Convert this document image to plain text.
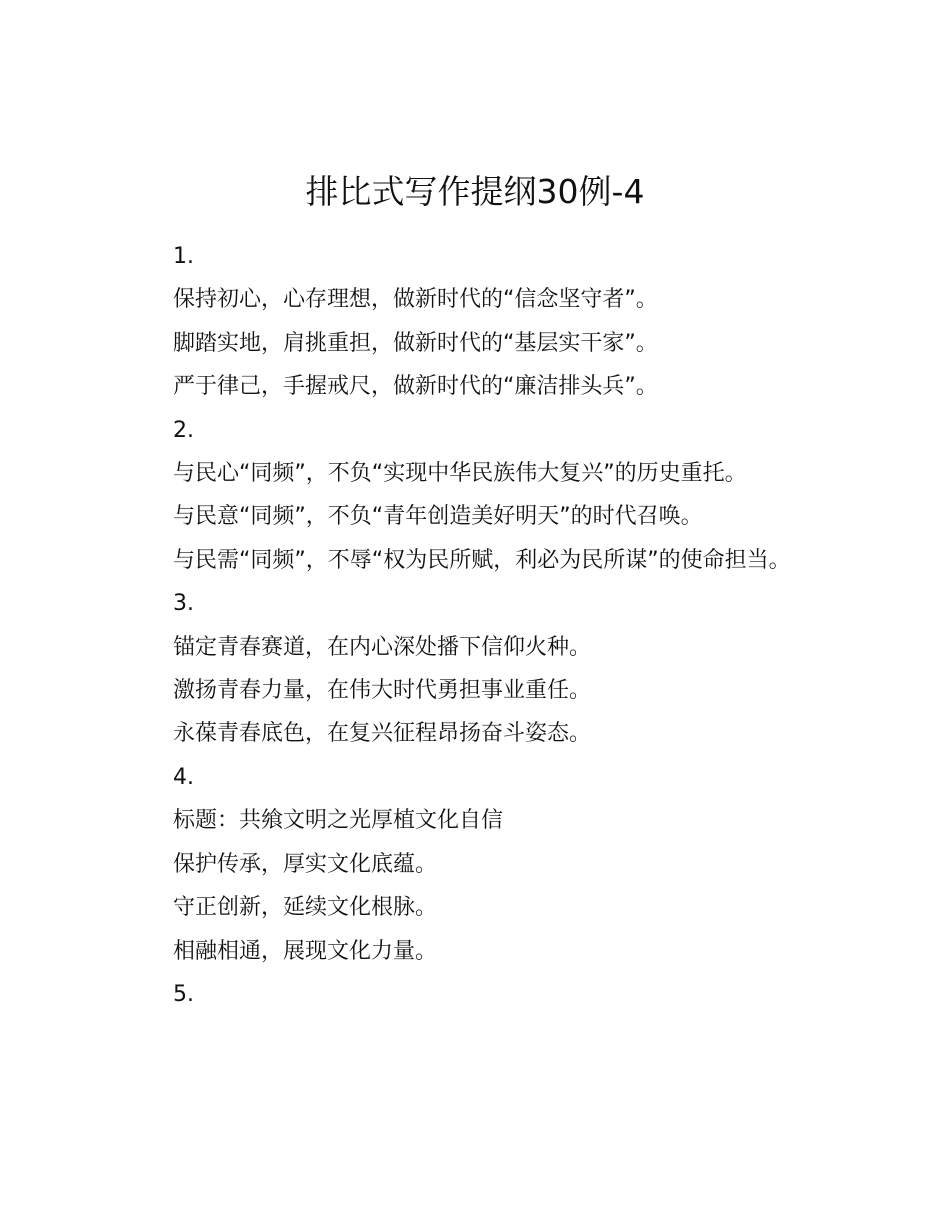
排比式写作提纲30例-4

1.

保持初心，心存理想，做新时代的“信念坚守者”。

脚踏实地，肩挑重担，做新时代的“基层实干家”。

严于律己，手握戒尺，做新时代的“廉洁排头兵”。

2.

与民心“同频”，不负“实现中华民族伟大复兴”的历史重托。

与民意“同频”，不负“青年创造美好明天”的时代召唤。

与民需“同频”，不辱“权为民所赋，利必为民所谋”的使命担当。

3.

锚定青春赛道，在内心深处播下信仰火种。

激扬青春力量，在伟大时代勇担事业重任。

永葆青春底色，在复兴征程昂扬奋斗姿态。

4.

标题：共飨文明之光厚植文化自信

保护传承，厚实文化底蕴。

守正创新，延续文化根脉。

相融相通，展现文化力量。

5.
